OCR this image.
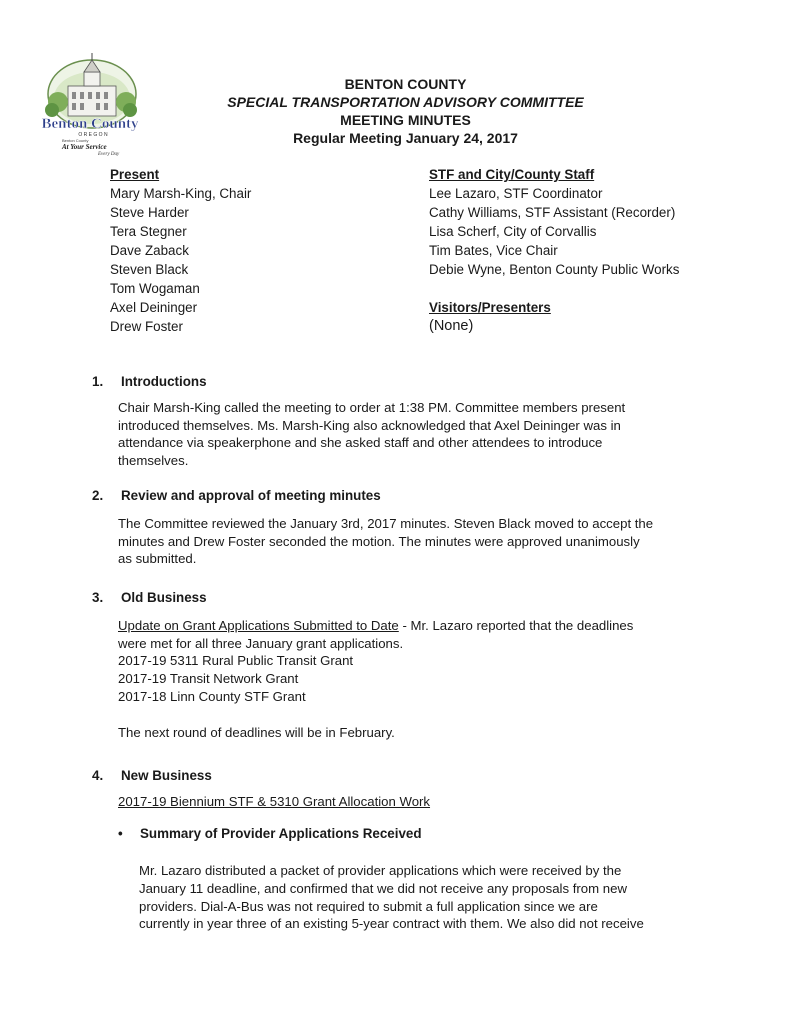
Benton County
O R E G O N
Benton County
At Your Service
Every Day
BENTON COUNTY
SPECIAL TRANSPORTATION ADVISORY COMMITTEE
MEETING MINUTES
Regular Meeting January 24, 2017
Present
Mary Marsh-King, Chair
Steve Harder
Tera Stegner
Dave Zaback
Steven Black
Tom Wogaman
Axel Deininger
Drew Foster
STF and City/County Staff
Lee Lazaro, STF Coordinator
Cathy Williams, STF Assistant (Recorder)
Lisa Scherf, City of Corvallis
Tim Bates, Vice Chair
Debie Wyne, Benton County Public Works
Visitors/Presenters
(None)
1.	Introductions

Chair Marsh-King called the meeting to order at 1:38 PM. Committee members present

introduced themselves. Ms. Marsh-King also acknowledged that Axel Deininger was in

attendance via speakerphone and she asked staff and other attendees to introduce

themselves.

2.	Review and approval of meeting minutes

The Committee reviewed the January 3rd, 2017 minutes. Steven Black moved to accept the

minutes and Drew Foster seconded the motion. The minutes were approved unanimously

as submitted.

3.	Old Business

Update on Grant Applications Submitted to Date - Mr. Lazaro reported that the deadlines

were met for all three January grant applications.

2017-19 5311 Rural Public Transit Grant

2017-19 Transit Network Grant

2017-18 Linn County STF Grant

The next round of deadlines will be in February.

4.	New Business

2017-19 Biennium STF & 5310 Grant Allocation Work

•	Summary of Provider Applications Received

Mr. Lazaro distributed a packet of provider applications which were received by the

January 11 deadline, and confirmed that we did not receive any proposals from new

providers. Dial-A-Bus was not required to submit a full application since we are

currently in year three of an existing 5-year contract with them. We also did not receive
